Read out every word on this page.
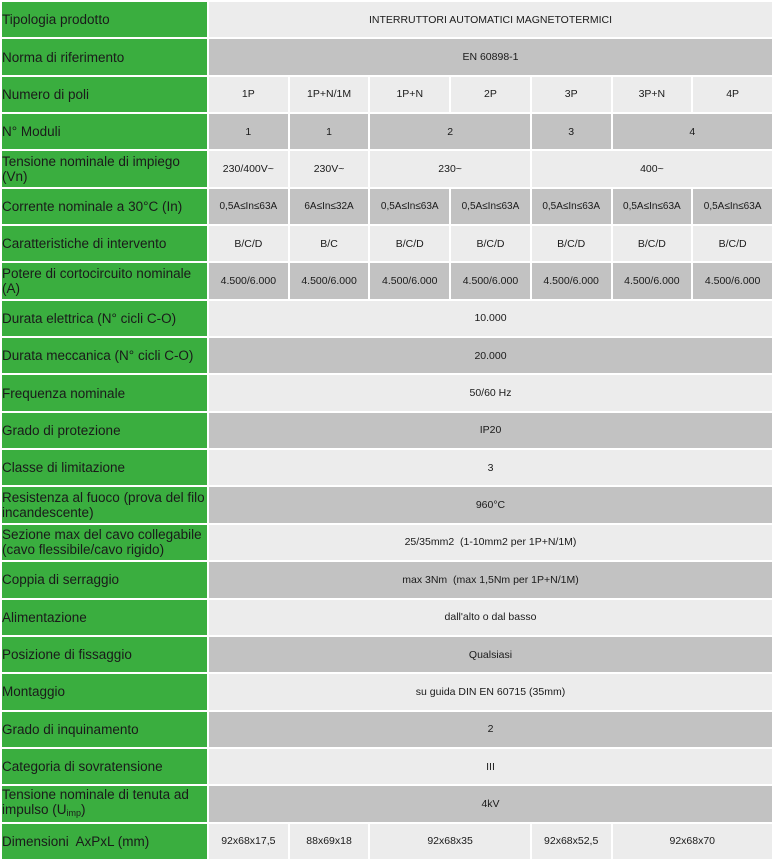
Tipologia prodotto	INTERRUTTORI AUTOMATICI MAGNETOTERMICI						
Norma di riferimento	EN 60898-1						
Numero di poli	1P	1P+N/1M	1P+N	2P	3P	3P+N	4P
N° Moduli	1	1	2		3	4	
Tensione nominale di impiego (Vn)	230/400V~	230V~	230~		400~		
Corrente nominale a 30°C (In)	0,5A≤In≤63A	6A≤In≤32A	0,5A≤In≤63A	0,5A≤In≤63A	0,5A≤In≤63A	0,5A≤In≤63A	0,5A≤In≤63A
Caratteristiche di intervento	B/C/D	B/C	B/C/D	B/C/D	B/C/D	B/C/D	B/C/D
Potere di cortocircuito nominale (A)	4.500/6.000	4.500/6.000	4.500/6.000	4.500/6.000	4.500/6.000	4.500/6.000	4.500/6.000
Durata elettrica (N° cicli C-O)	10.000						
Durata meccanica (N° cicli C-O)	20.000						
Frequenza nominale	50/60 Hz						
Grado di protezione	IP20						
Classe di limitazione	3						
Resistenza al fuoco (prova del filo incandescente)	960°C						
Sezione max del cavo collegabile (cavo flessibile/cavo rigido)	25/35mm2  (1-10mm2 per 1P+N/1M)						
Coppia di serraggio	max 3Nm  (max 1,5Nm per 1P+N/1M)						
Alimentazione	dall'alto o dal basso						
Posizione di fissaggio	Qualsiasi						
Montaggio	su guida DIN EN 60715 (35mm)						
Grado di inquinamento	2						
Categoria di sovratensione	III						
Tensione nominale di tenuta ad impulso (Uimp)	4kV						
Dimensioni  AxPxL (mm)	92x68x17,5	88x69x18	92x68x35		92x68x52,5	92x68x70	
